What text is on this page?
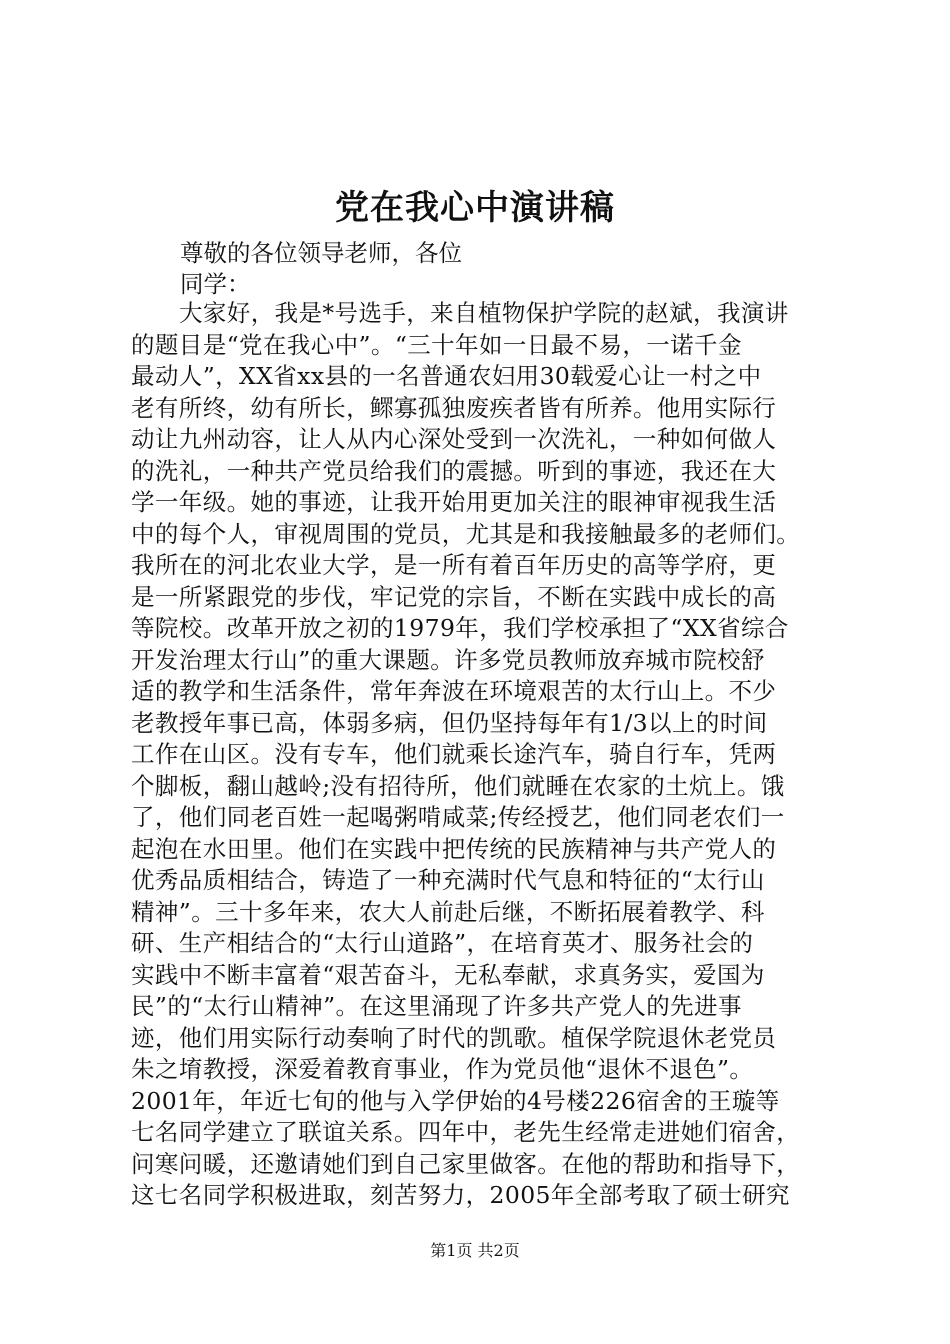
党在我心中演讲稿
尊敬的各位领导老师，各位
同学：
大家好，我是*号选手，来自植物保护学院的赵斌，我演讲
的题目是“党在我心中”。“三十年如一日最不易，一诺千金
最动人”，XX省xx县的一名普通农妇用30载爱心让一村之中
老有所终，幼有所长，鳏寡孤独废疾者皆有所养。他用实际行
动让九州动容，让人从内心深处受到一次洗礼，一种如何做人
的洗礼，一种共产党员给我们的震撼。听到的事迹，我还在大
学一年级。她的事迹，让我开始用更加关注的眼神审视我生活
中的每个人，审视周围的党员，尤其是和我接触最多的老师们。
我所在的河北农业大学，是一所有着百年历史的高等学府，更
是一所紧跟党的步伐，牢记党的宗旨，不断在实践中成长的高
等院校。改革开放之初的1979年，我们学校承担了“XX省综合
开发治理太行山”的重大课题。许多党员教师放弃城市院校舒
适的教学和生活条件，常年奔波在环境艰苦的太行山上。不少
老教授年事已高，体弱多病，但仍坚持每年有1/3以上的时间
工作在山区。没有专车，他们就乘长途汽车，骑自行车，凭两
个脚板，翻山越岭;没有招待所，他们就睡在农家的土炕上。饿
了，他们同老百姓一起喝粥啃咸菜;传经授艺，他们同老农们一
起泡在水田里。他们在实践中把传统的民族精神与共产党人的
优秀品质相结合，铸造了一种充满时代气息和特征的“太行山
精神”。三十多年来，农大人前赴后继，不断拓展着教学、科
研、生产相结合的“太行山道路”，在培育英才、服务社会的
实践中不断丰富着“艰苦奋斗，无私奉献，求真务实，爱国为
民”的“太行山精神”。在这里涌现了许多共产党人的先进事
迹，他们用实际行动奏响了时代的凯歌。植保学院退休老党员
朱之堉教授，深爱着教育事业，作为党员他“退休不退色”。
2001年，年近七旬的他与入学伊始的4号楼226宿舍的王璇等
七名同学建立了联谊关系。四年中，老先生经常走进她们宿舍，
问寒问暖，还邀请她们到自己家里做客。在他的帮助和指导下，
这七名同学积极进取，刻苦努力，2005年全部考取了硕士研究
第1页 共2页
